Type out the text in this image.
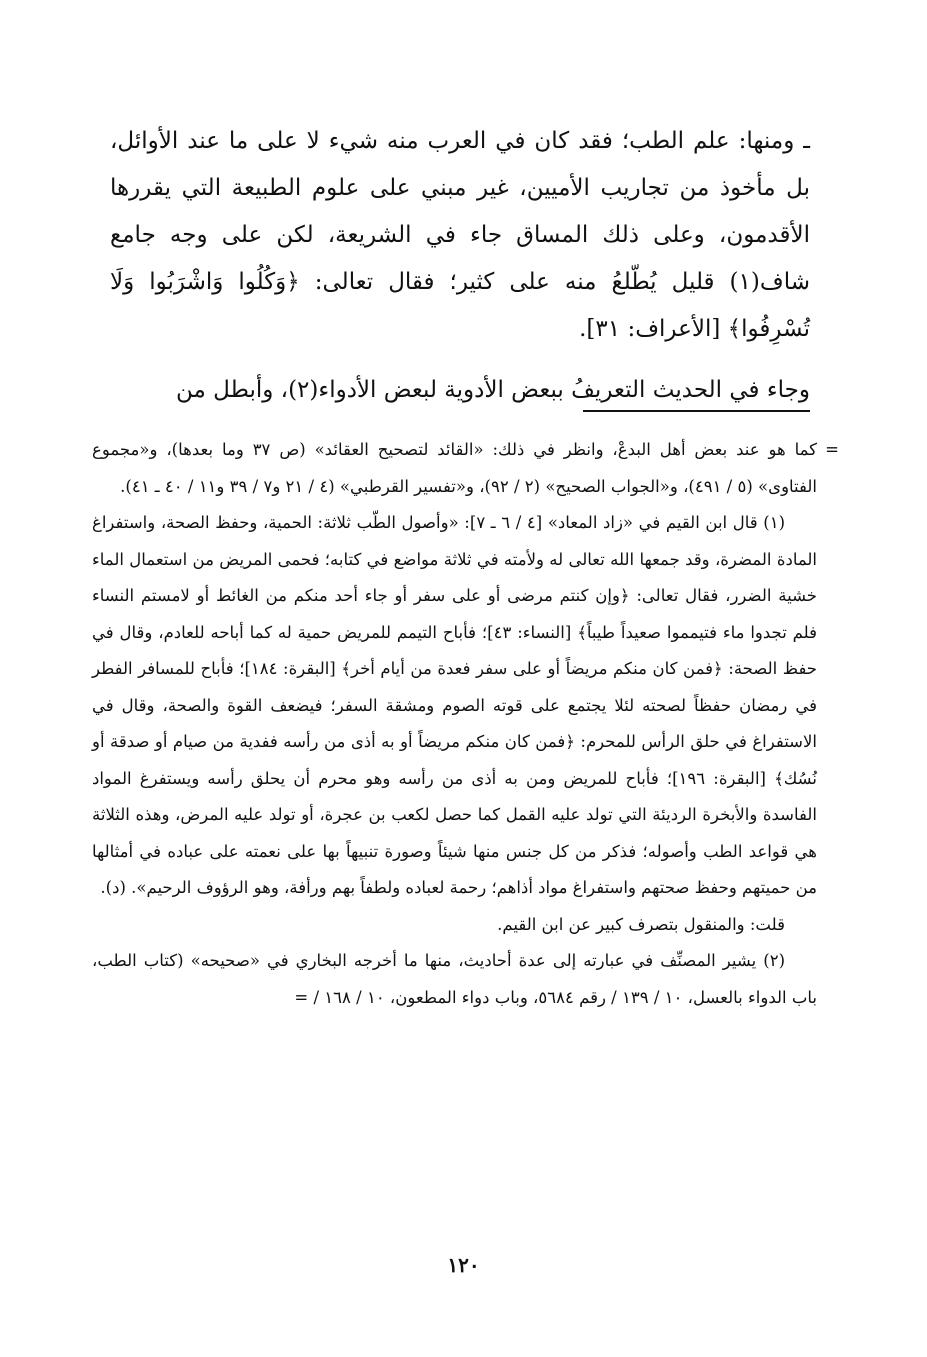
ـ ومنها: علم الطب؛ فقد كان في العرب منه شيء لا على ما عند الأوائل، بل مأخوذ من تجاريب الأميين، غير مبني على علوم الطبيعة التي يقررها الأقدمون، وعلى ذلك المساق جاء في الشريعة، لكن على وجه جامع شاف(١) قليل يُطّلعُ منه على كثير؛ فقال تعالى: ﴿وَكُلُوا وَاشْرَبُوا وَلَا تُسْرِفُوا﴾ [الأعراف: ٣١].

وجاء في الحديث التعريفُ ببعض الأدوية لبعض الأدواء(٢)، وأبطل من

=

كما هو عند بعض أهل البدعْ، وانظر في ذلك: «القائد لتصحيح العقائد» (ص ٣٧ وما بعدها)، و«مجموع الفتاوى» (٥ / ٤٩١)، و«الجواب الصحيح» (٢ / ٩٢)، و«تفسير القرطبي» (٤ / ٢١ و٧ / ٣٩ و١١ / ٤٠ ـ ٤١).

(١) قال ابن القيم في «زاد المعاد» [٤ / ٦ ـ ٧]: «وأصول الطّب ثلاثة: الحمية، وحفظ الصحة، واستفراغ المادة المضرة، وقد جمعها الله تعالى له ولأمته في ثلاثة مواضع في كتابه؛ فحمى المريض من استعمال الماء خشية الضرر، فقال تعالى: ﴿وإن كنتم مرضى أو على سفر أو جاء أحد منكم من الغائط أو لامستم النساء فلم تجدوا ماء فتيمموا صعيداً طيباً﴾ [النساء: ٤٣]؛ فأباح التيمم للمريض حمية له كما أباحه للعادم، وقال في حفظ الصحة: ﴿فمن كان منكم مريضاً أو على سفر فعدة من أيام أخر﴾ [البقرة: ١٨٤]؛ فأباح للمسافر الفطر في رمضان حفظاً لصحته لئلا يجتمع على قوته الصوم ومشقة السفر؛ فيضعف القوة والصحة، وقال في الاستفراغ في حلق الرأس للمحرم: ﴿فمن كان منكم مريضاً أو به أذى من رأسه ففدية من صيام أو صدقة أو نُسُك﴾ [البقرة: ١٩٦]؛ فأباح للمريض ومن به أذى من رأسه وهو محرم أن يحلق رأسه ويستفرغ المواد الفاسدة والأبخرة الرديئة التي تولد عليه القمل كما حصل لكعب بن عجرة، أو تولد عليه المرض، وهذه الثلاثة هي قواعد الطب وأصوله؛ فذكر من كل جنس منها شيئاً وصورة تنبيهاً بها على نعمته على عباده في أمثالها من حميتهم وحفظ صحتهم واستفراغ مواد أذاهم؛ رحمة لعباده ولطفاً بهم ورأفة، وهو الرؤوف الرحيم». (د).

قلت: والمنقول بتصرف كبير عن ابن القيم.

(٢) يشير المصنِّف في عبارته إلى عدة أحاديث، منها ما أخرجه البخاري في «صحيحه» (كتاب الطب، باب الدواء بالعسل، ١٠ / ١٣٩ / رقم ٥٦٨٤، وباب دواء المطعون، ١٠ / ١٦٨ / =

١٢٠
